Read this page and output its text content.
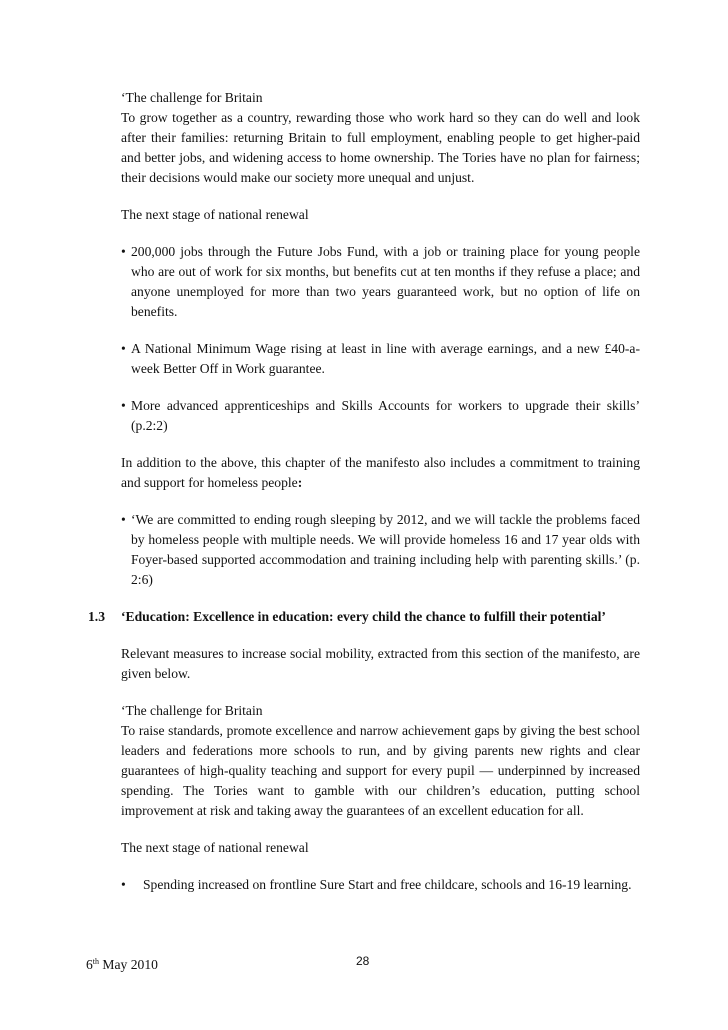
‘The challenge for Britain
To grow together as a country, rewarding those who work hard so they can do well and look after their families: returning Britain to full employment, enabling people to get higher-paid and better jobs, and widening access to home ownership. The Tories have no plan for fairness; their decisions would make our society more unequal and unjust.
The next stage of national renewal
• 200,000 jobs through the Future Jobs Fund, with a job or training place for young people who are out of work for six months, but benefits cut at ten months if they refuse a place; and anyone unemployed for more than two years guaranteed work, but no option of life on benefits.
• A National Minimum Wage rising at least in line with average earnings, and a new £40-a-week Better Off in Work guarantee.
• More advanced apprenticeships and Skills Accounts for workers to upgrade their skills’ (p.2:2)
In addition to the above, this chapter of the manifesto also includes a commitment to training and support for homeless people:
• ‘We are committed to ending rough sleeping by 2012, and we will tackle the problems faced by homeless people with multiple needs. We will provide homeless 16 and 17 year olds with Foyer-based supported accommodation and training including help with parenting skills.’ (p. 2:6)
1.3 ‘Education: Excellence in education: every child the chance to fulfill their potential’
Relevant measures to increase social mobility, extracted from this section of the manifesto, are given below.
‘The challenge for Britain
To raise standards, promote excellence and narrow achievement gaps by giving the best school leaders and federations more schools to run, and by giving parents new rights and clear guarantees of high-quality teaching and support for every pupil — underpinned by increased spending. The Tories want to gamble with our children’s education, putting school improvement at risk and taking away the guarantees of an excellent education for all.
The next stage of national renewal
•	Spending increased on frontline Sure Start and free childcare, schools and 16-19 learning.
6th May 2010	28
